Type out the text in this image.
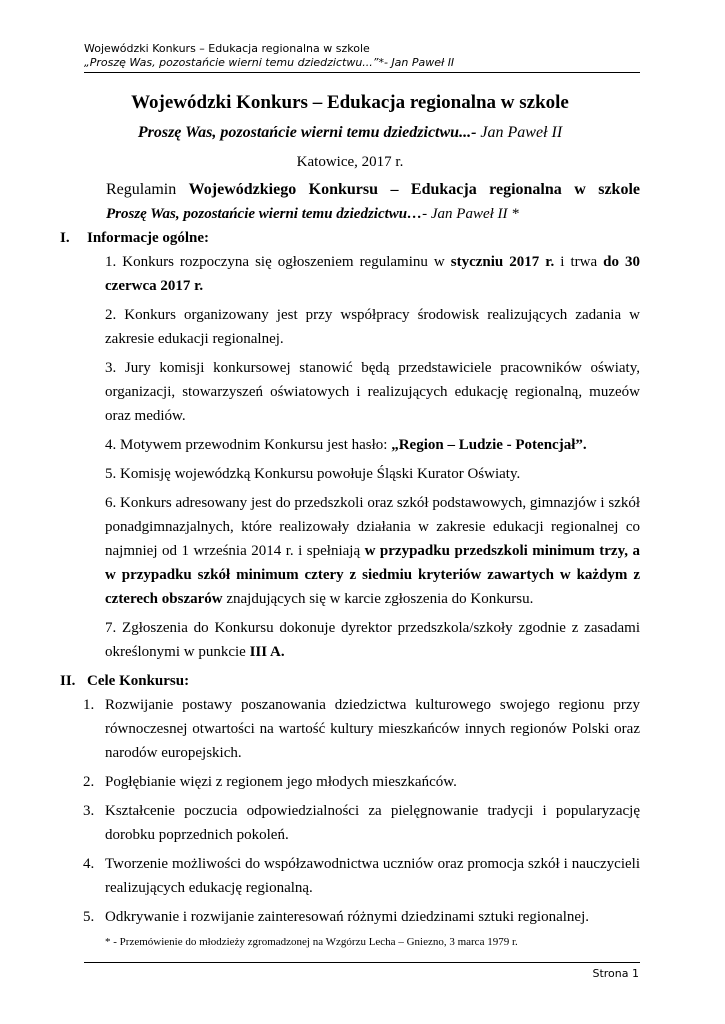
Wojewódzki Konkurs – Edukacja regionalna w szkole
„Proszę Was, pozostańcie wierni temu dziedzictwu...”*- Jan Paweł II
Wojewódzki Konkurs – Edukacja regionalna w szkole
Proszę Was, pozostańcie wierni temu dziedzictwu...- Jan Paweł II
Katowice, 2017 r.
Regulamin Wojewódzkiego Konkursu – Edukacja regionalna w szkole
Proszę Was, pozostańcie wierni temu dziedzictwu…- Jan Paweł II *
I.	Informacje ogólne:
1. Konkurs rozpoczyna się ogłoszeniem regulaminu w styczniu 2017 r. i trwa do 30 czerwca 2017 r.
2. Konkurs organizowany jest przy współpracy środowisk realizujących zadania w zakresie edukacji regionalnej.
3. Jury komisji konkursowej stanowić będą przedstawiciele pracowników oświaty, organizacji, stowarzyszeń oświatowych i realizujących edukację regionalną, muzeów oraz mediów.
4. Motywem przewodnim Konkursu jest hasło: „Region – Ludzie - Potencjał”.
5. Komisję wojewódzką Konkursu powołuje Śląski Kurator Oświaty.
6. Konkurs adresowany jest do przedszkoli oraz szkół podstawowych, gimnazjów i szkół ponadgimnazjalnych, które realizowały działania w zakresie edukacji regionalnej co najmniej od 1 września 2014 r. i spełniają w przypadku przedszkoli minimum trzy, a w przypadku szkół minimum cztery z siedmiu kryteriów zawartych w każdym z czterech obszarów znajdujących się w karcie zgłoszenia do Konkursu.
7. Zgłoszenia do Konkursu dokonuje dyrektor przedszkola/szkoły zgodnie z zasadami określonymi w punkcie III A.
II. Cele Konkursu:
1. Rozwijanie postawy poszanowania dziedzictwa kulturowego swojego regionu przy równoczesnej otwartości na wartość kultury mieszkańców innych regionów Polski oraz narodów europejskich.
2. Pogłębianie więzi z regionem jego młodych mieszkańców.
3. Kształcenie poczucia odpowiedzialności za pielęgnowanie tradycji i popularyzację dorobku poprzednich pokoleń.
4. Tworzenie możliwości do współzawodnictwa uczniów oraz promocja szkół i nauczycieli realizujących edukację regionalną.
5. Odkrywanie i rozwijanie zainteresowań różnymi dziedzinami sztuki regionalnej.
* - Przemówienie do młodzieży zgromadzonej na Wzgórzu Lecha – Gniezno, 3 marca 1979 r.
Strona 1
